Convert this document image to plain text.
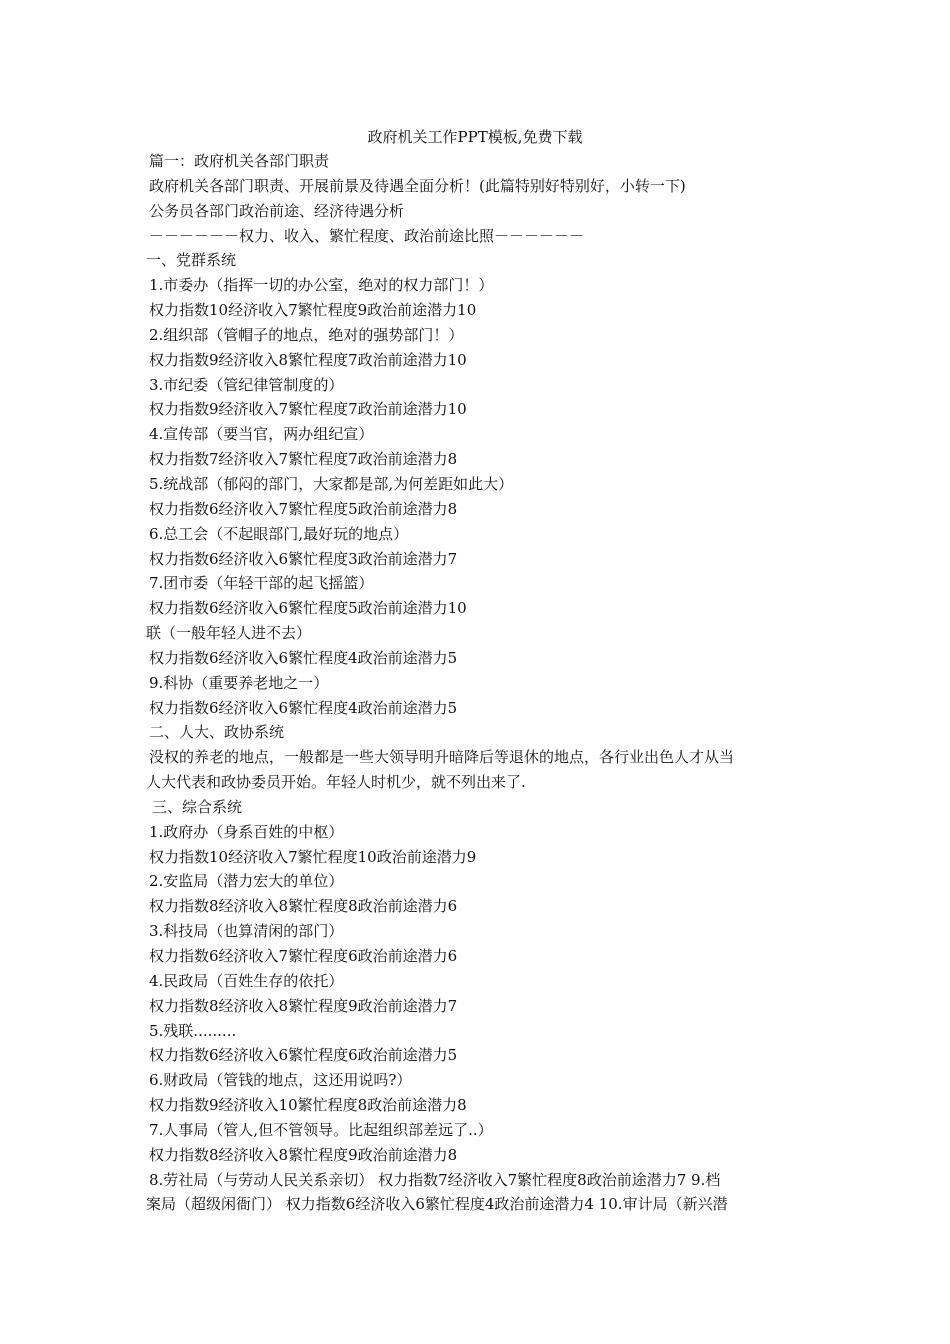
政府机关工作PPT模板,免费下载
篇一：政府机关各部门职责
政府机关各部门职责、开展前景及待遇全面分析！(此篇特别好特别好，小转一下)
公务员各部门政治前途、经济待遇分析
－－－－－－权力、收入、繁忙程度、政治前途比照－－－－－－
一、党群系统
1.市委办（指挥一切的办公室，绝对的权力部门！）
权力指数10经济收入7繁忙程度9政治前途潜力10
2.组织部（管帽子的地点，绝对的强势部门！）
权力指数9经济收入8繁忙程度7政治前途潜力10
3.市纪委（管纪律管制度的）
权力指数9经济收入7繁忙程度7政治前途潜力10
4.宣传部（要当官，两办组纪宣）
权力指数7经济收入7繁忙程度7政治前途潜力8
5.统战部（郁闷的部门，大家都是部,为何差距如此大）
权力指数6经济收入7繁忙程度5政治前途潜力8
6.总工会（不起眼部门,最好玩的地点）
权力指数6经济收入6繁忙程度3政治前途潜力7
7.团市委（年轻干部的起飞摇篮）
权力指数6经济收入6繁忙程度5政治前途潜力10
联（一般年轻人进不去）
权力指数6经济收入6繁忙程度4政治前途潜力5
9.科协（重要养老地之一）
权力指数6经济收入6繁忙程度4政治前途潜力5
二、人大、政协系统
没权的养老的地点，一般都是一些大领导明升暗降后等退休的地点，各行业出色人才从当
人大代表和政协委员开始。年轻人时机少，就不列出来了.
三、综合系统
1.政府办（身系百姓的中枢）
权力指数10经济收入7繁忙程度10政治前途潜力9
2.安监局（潜力宏大的单位）
权力指数8经济收入8繁忙程度8政治前途潜力6
3.科技局（也算清闲的部门）
权力指数6经济收入7繁忙程度6政治前途潜力6
4.民政局（百姓生存的依托）
权力指数8经济收入8繁忙程度9政治前途潜力7
5.残联.........
权力指数6经济收入6繁忙程度6政治前途潜力5
6.财政局（管钱的地点，这还用说吗?）
权力指数9经济收入10繁忙程度8政治前途潜力8
7.人事局（管人,但不管领导。比起组织部差远了..）
权力指数8经济收入8繁忙程度9政治前途潜力8
8.劳社局（与劳动人民关系亲切） 权力指数7经济收入7繁忙程度8政治前途潜力7 9.档
案局（超级闲衙门） 权力指数6经济收入6繁忙程度4政治前途潜力4 10.审计局（新兴潜
